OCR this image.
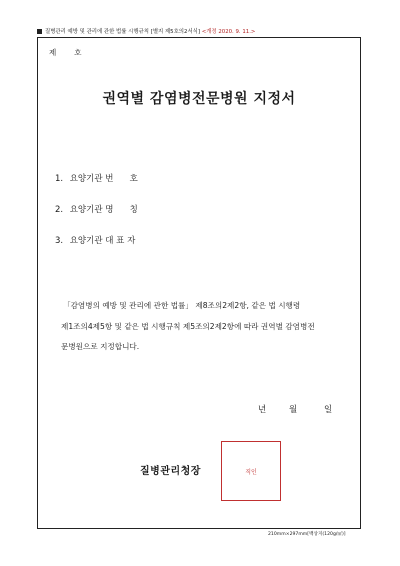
질병관리 예방 및 관리에 관한 법률 시행규칙 [별지 제5호의2서식] <개정 2020. 9. 11.>
제 호
권역별 감염병전문병원 지정서
1. 요양기관 번      호
2. 요양기관 명      칭
3. 요양기관 대 표 자

「감염병의 예방 및 관리에 관한 법률」 제8조의2제2항, 같은 법 시행령

제1조의4제5항 및 같은 법 시행규칙 제5조의2제2항에 따라 권역별 감염병전

문병원으로 지정합니다.

년	월	일
질병관리청장	직인
210mm×297mm[백상지(120g/㎡)]
